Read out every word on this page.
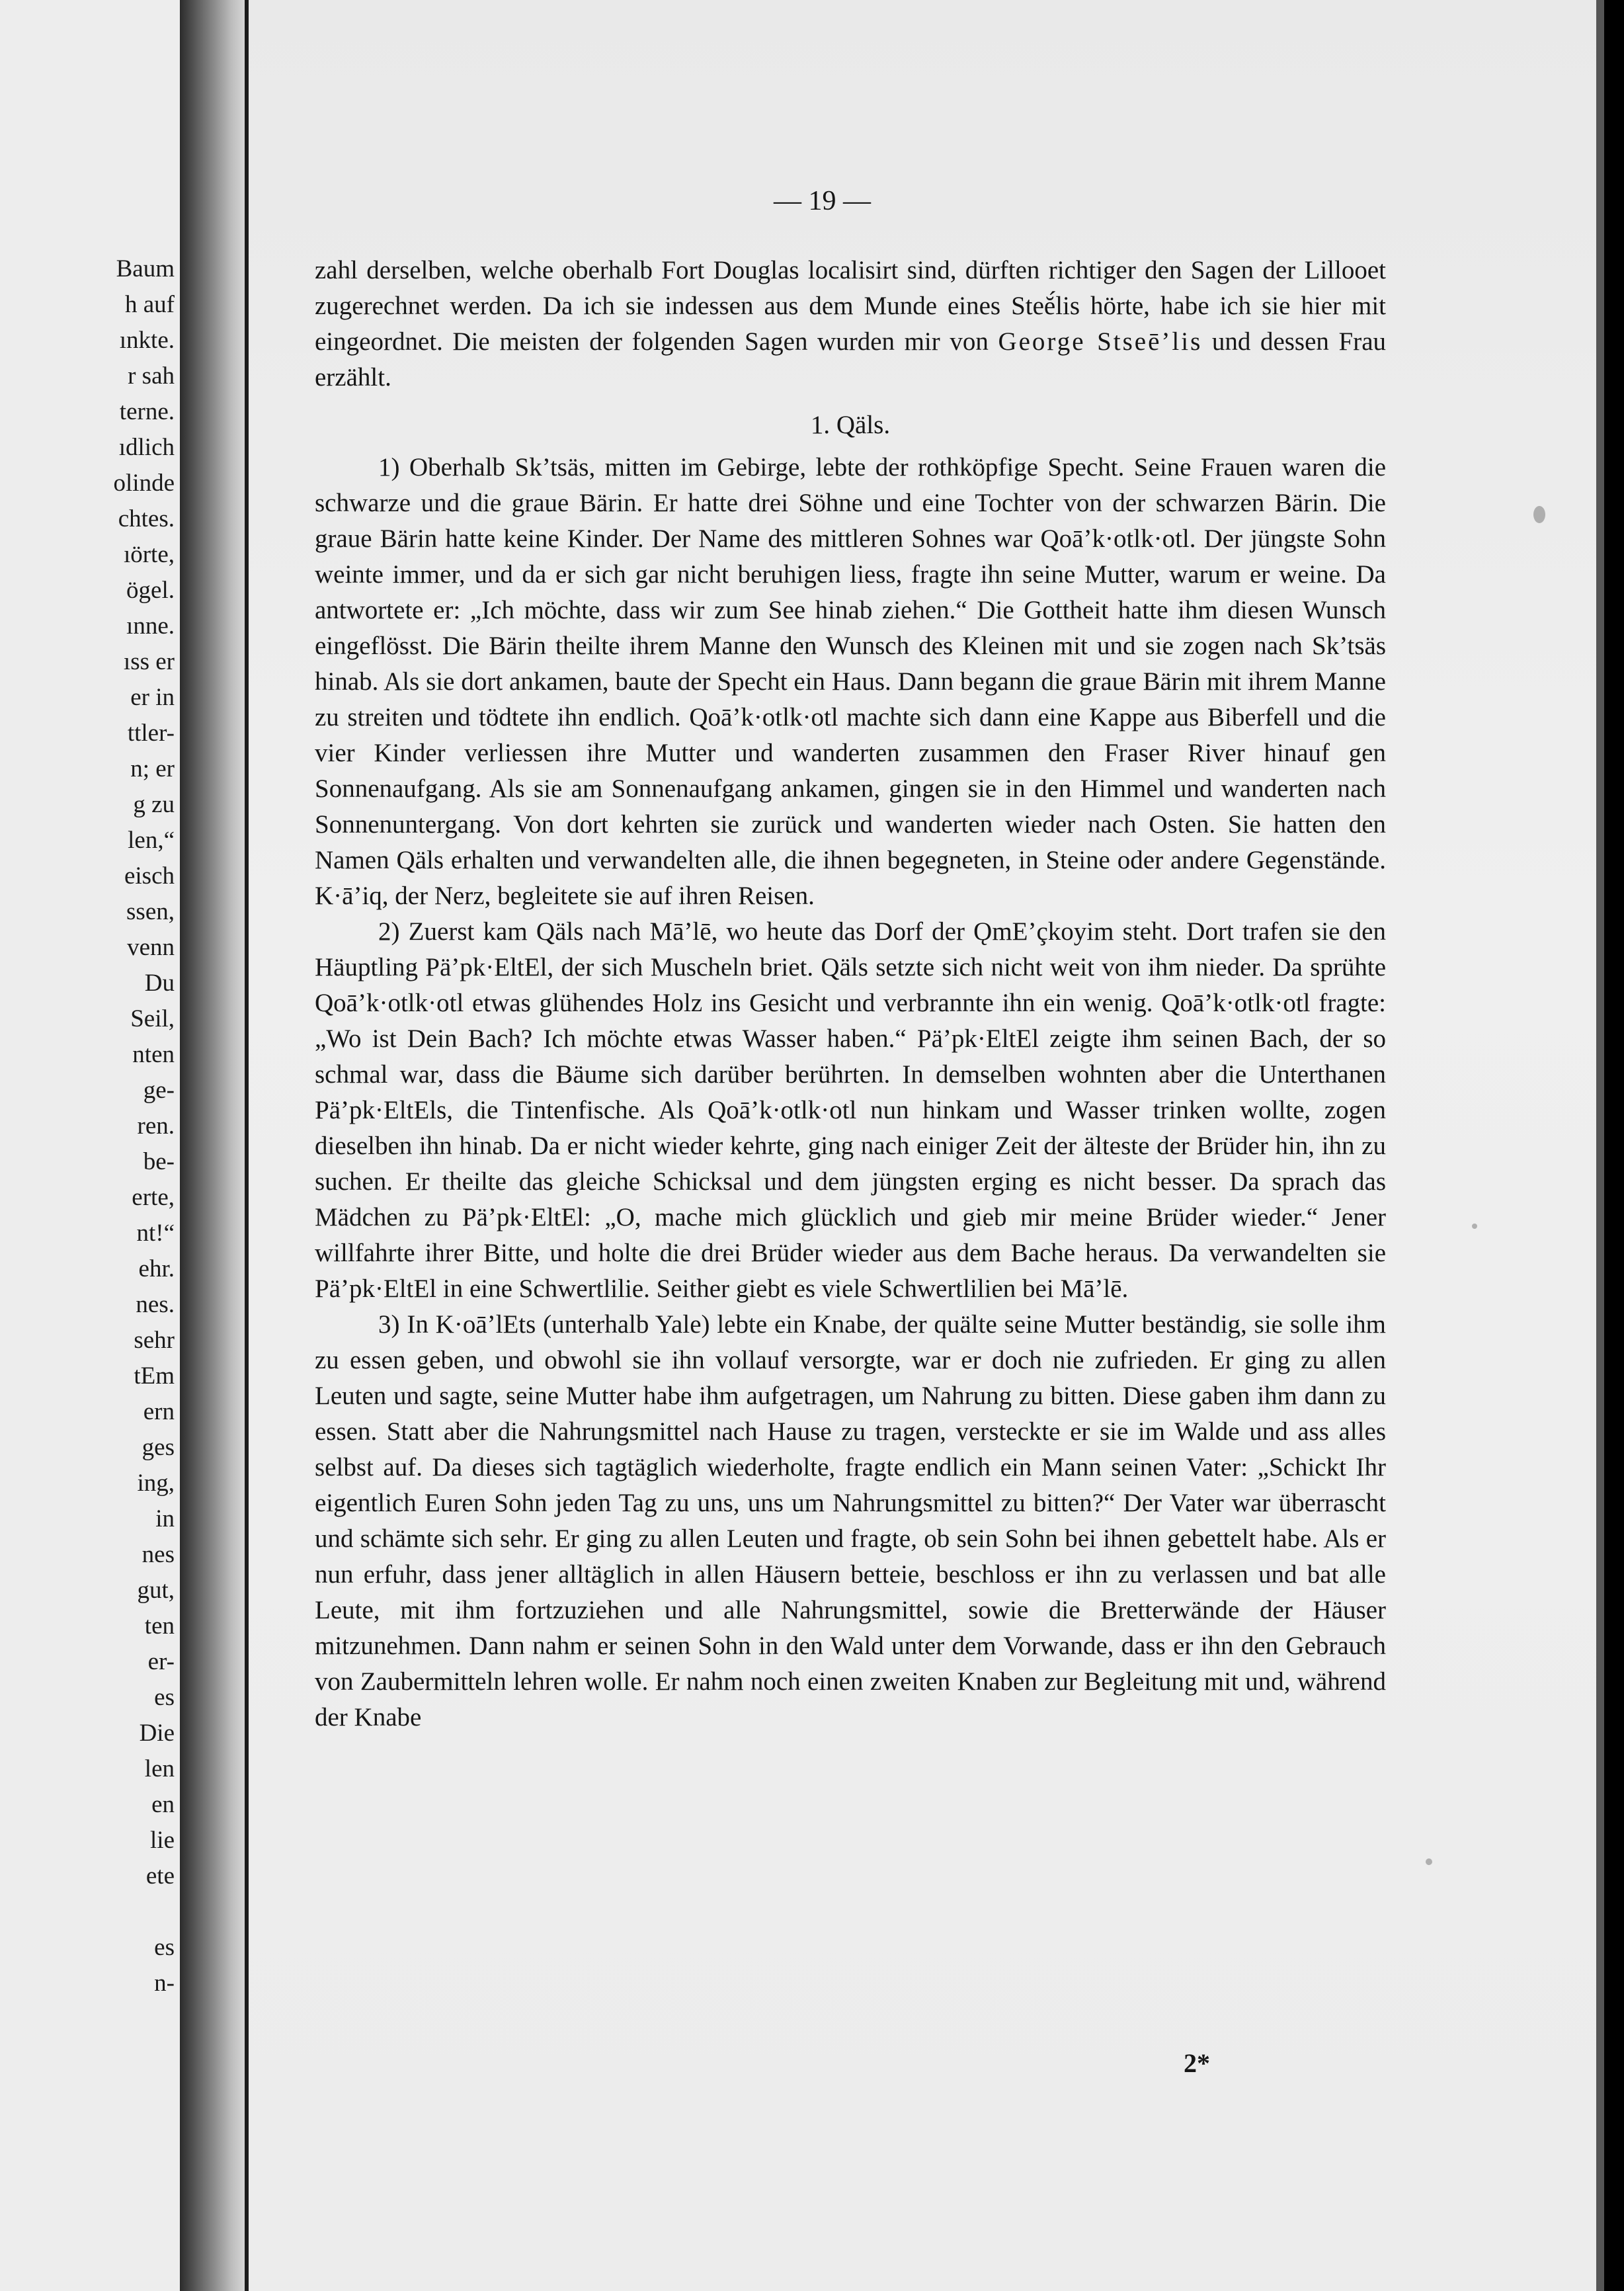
Baum
h auf
ınkte.
r sah
terne.
ıdlich
olinde
chtes.
ıörte,
ögel.
ınne.
ıss er
er in
ttler-
n; er
g zu
len,“
eisch
ssen,
venn
Du
Seil,
nten
ge-
ren.
be-
erte,
nt!“
ehr.
nes.
sehr
tEm
ern
ges
ing,
in
nes
gut,
ten
er-
es
Die
len
en
lie
ete
es
n-
— 19 —

zahl derselben, welche oberhalb Fort Douglas localisirt sind, dürften richtiger den Sagen der Lillooet zugerechnet werden. Da ich sie indessen aus dem Munde eines Steĕ́lis hörte, habe ich sie hier mit eingeordnet. Die meisten der folgenden Sagen wurden mir von George Stseē’lis und dessen Frau erzählt.

1. Qäls.

1) Oberhalb Sk’tsäs, mitten im Gebirge, lebte der rothköpfige Specht. Seine Frauen waren die schwarze und die graue Bärin. Er hatte drei Söhne und eine Tochter von der schwarzen Bärin. Die graue Bärin hatte keine Kinder. Der Name des mittleren Sohnes war Qoā’k·otlk·otl. Der jüngste Sohn weinte immer, und da er sich gar nicht beruhigen liess, fragte ihn seine Mutter, warum er weine. Da antwortete er: „Ich möchte, dass wir zum See hinab ziehen.“ Die Gottheit hatte ihm diesen Wunsch eingeflösst. Die Bärin theilte ihrem Manne den Wunsch des Kleinen mit und sie zogen nach Sk’tsäs hinab. Als sie dort ankamen, baute der Specht ein Haus. Dann begann die graue Bärin mit ihrem Manne zu streiten und tödtete ihn endlich. Qoā’k·otlk·otl machte sich dann eine Kappe aus Biberfell und die vier Kinder verliessen ihre Mutter und wanderten zusammen den Fraser River hinauf gen Sonnenaufgang. Als sie am Sonnenaufgang ankamen, gingen sie in den Himmel und wanderten nach Sonnenuntergang. Von dort kehrten sie zurück und wanderten wieder nach Osten. Sie hatten den Namen Qäls erhalten und verwandelten alle, die ihnen begegneten, in Steine oder andere Gegenstände. K·ā’iq, der Nerz, begleitete sie auf ihren Reisen.

2) Zuerst kam Qäls nach Mā’lē, wo heute das Dorf der ǪmE’çkoyim steht. Dort trafen sie den Häuptling Pä’pk·EltEl, der sich Muscheln briet. Qäls setzte sich nicht weit von ihm nieder. Da sprühte Qoā’k·otlk·otl etwas glühendes Holz ins Gesicht und verbrannte ihn ein wenig. Qoā’k·otlk·otl fragte: „Wo ist Dein Bach? Ich möchte etwas Wasser haben.“ Pä’pk·EltEl zeigte ihm seinen Bach, der so schmal war, dass die Bäume sich darüber berührten. In demselben wohnten aber die Unterthanen Pä’pk·EltEls, die Tintenfische. Als Qoā’k·otlk·otl nun hinkam und Wasser trinken wollte, zogen dieselben ihn hinab. Da er nicht wieder kehrte, ging nach einiger Zeit der älteste der Brüder hin, ihn zu suchen. Er theilte das gleiche Schicksal und dem jüngsten erging es nicht besser. Da sprach das Mädchen zu Pä’pk·EltEl: „O, mache mich glücklich und gieb mir meine Brüder wieder.“ Jener willfahrte ihrer Bitte, und holte die drei Brüder wieder aus dem Bache heraus. Da verwandelten sie Pä’pk·EltEl in eine Schwertlilie. Seither giebt es viele Schwertlilien bei Mā’lē.

3) In K·oā’lEts (unterhalb Yale) lebte ein Knabe, der quälte seine Mutter beständig, sie solle ihm zu essen geben, und obwohl sie ihn vollauf versorgte, war er doch nie zufrieden. Er ging zu allen Leuten und sagte, seine Mutter habe ihm aufgetragen, um Nahrung zu bitten. Diese gaben ihm dann zu essen. Statt aber die Nahrungsmittel nach Hause zu tragen, versteckte er sie im Walde und ass alles selbst auf. Da dieses sich tagtäglich wiederholte, fragte endlich ein Mann seinen Vater: „Schickt Ihr eigentlich Euren Sohn jeden Tag zu uns, uns um Nahrungsmittel zu bitten?“ Der Vater war überrascht und schämte sich sehr. Er ging zu allen Leuten und fragte, ob sein Sohn bei ihnen gebettelt habe. Als er nun erfuhr, dass jener alltäglich in allen Häusern betteie, beschloss er ihn zu verlassen und bat alle Leute, mit ihm fortzuziehen und alle Nahrungsmittel, sowie die Bretterwände der Häuser mitzunehmen. Dann nahm er seinen Sohn in den Wald unter dem Vorwande, dass er ihn den Gebrauch von Zaubermitteln lehren wolle. Er nahm noch einen zweiten Knaben zur Begleitung mit und, während der Knabe

2*
